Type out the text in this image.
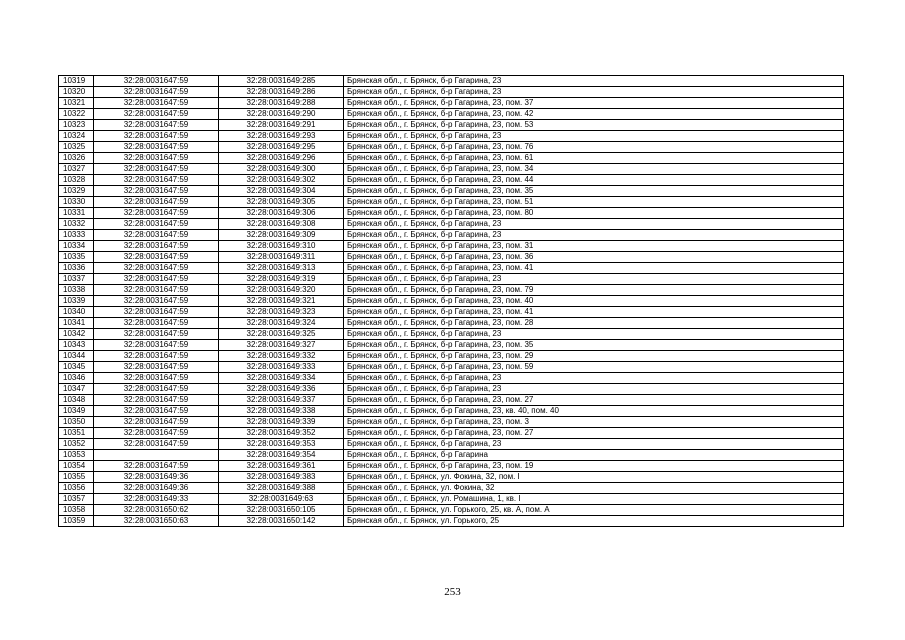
10319	32:28:0031647:59	32:28:0031649:285	Брянская обл., г. Брянск, б-р Гагарина, 23
10320	32:28:0031647:59	32:28:0031649:286	Брянская обл., г. Брянск, б-р Гагарина, 23
10321	32:28:0031647:59	32:28:0031649:288	Брянская обл., г. Брянск, б-р Гагарина, 23, пом. 37
10322	32:28:0031647:59	32:28:0031649:290	Брянская обл., г. Брянск, б-р Гагарина, 23, пом. 42
10323	32:28:0031647:59	32:28:0031649:291	Брянская обл., г. Брянск, б-р Гагарина, 23, пом. 53
10324	32:28:0031647:59	32:28:0031649:293	Брянская обл., г. Брянск, б-р Гагарина, 23
10325	32:28:0031647:59	32:28:0031649:295	Брянская обл., г. Брянск, б-р Гагарина, 23, пом. 76
10326	32:28:0031647:59	32:28:0031649:296	Брянская обл., г. Брянск, б-р Гагарина, 23, пом. 61
10327	32:28:0031647:59	32:28:0031649:300	Брянская обл., г. Брянск, б-р Гагарина, 23, пом. 34
10328	32:28:0031647:59	32:28:0031649:302	Брянская обл., г. Брянск, б-р Гагарина, 23, пом. 44
10329	32:28:0031647:59	32:28:0031649:304	Брянская обл., г. Брянск, б-р Гагарина, 23, пом. 35
10330	32:28:0031647:59	32:28:0031649:305	Брянская обл., г. Брянск, б-р Гагарина, 23, пом. 51
10331	32:28:0031647:59	32:28:0031649:306	Брянская обл., г. Брянск, б-р Гагарина, 23, пом. 80
10332	32:28:0031647:59	32:28:0031649:308	Брянская обл., г. Брянск, б-р Гагарина, 23
10333	32:28:0031647:59	32:28:0031649:309	Брянская обл., г. Брянск, б-р Гагарина, 23
10334	32:28:0031647:59	32:28:0031649:310	Брянская обл., г. Брянск, б-р Гагарина, 23, пом. 31
10335	32:28:0031647:59	32:28:0031649:311	Брянская обл., г. Брянск, б-р Гагарина, 23, пом. 36
10336	32:28:0031647:59	32:28:0031649:313	Брянская обл., г. Брянск, б-р Гагарина, 23, пом. 41
10337	32:28:0031647:59	32:28:0031649:319	Брянская обл., г. Брянск, б-р Гагарина, 23
10338	32:28:0031647:59	32:28:0031649:320	Брянская обл., г. Брянск, б-р Гагарина, 23, пом. 79
10339	32:28:0031647:59	32:28:0031649:321	Брянская обл., г. Брянск, б-р Гагарина, 23, пом. 40
10340	32:28:0031647:59	32:28:0031649:323	Брянская обл., г. Брянск, б-р Гагарина, 23, пом. 41
10341	32:28:0031647:59	32:28:0031649:324	Брянская обл., г. Брянск, б-р Гагарина, 23, пом. 28
10342	32:28:0031647:59	32:28:0031649:325	Брянская обл., г. Брянск, б-р Гагарина, 23
10343	32:28:0031647:59	32:28:0031649:327	Брянская обл., г. Брянск, б-р Гагарина, 23, пом. 35
10344	32:28:0031647:59	32:28:0031649:332	Брянская обл., г. Брянск, б-р Гагарина, 23, пом. 29
10345	32:28:0031647:59	32:28:0031649:333	Брянская обл., г. Брянск, б-р Гагарина, 23, пом. 59
10346	32:28:0031647:59	32:28:0031649:334	Брянская обл., г. Брянск, б-р Гагарина, 23
10347	32:28:0031647:59	32:28:0031649:336	Брянская обл., г. Брянск, б-р Гагарина, 23
10348	32:28:0031647:59	32:28:0031649:337	Брянская обл., г. Брянск, б-р Гагарина, 23, пом. 27
10349	32:28:0031647:59	32:28:0031649:338	Брянская обл., г. Брянск, б-р Гагарина, 23, кв. 40, пом. 40
10350	32:28:0031647:59	32:28:0031649:339	Брянская обл., г. Брянск, б-р Гагарина, 23, пом. 3
10351	32:28:0031647:59	32:28:0031649:352	Брянская обл., г. Брянск, б-р Гагарина, 23, пом. 27
10352	32:28:0031647:59	32:28:0031649:353	Брянская обл., г. Брянск, б-р Гагарина, 23
10353		32:28:0031649:354	Брянская обл., г. Брянск, б-р Гагарина
10354	32:28:0031647:59	32:28:0031649:361	Брянская обл., г. Брянск, б-р Гагарина, 23, пом. 19
10355	32:28:0031649:36	32:28:0031649:383	Брянская обл., г. Брянск, ул. Фокина, 32, пом. I
10356	32:28:0031649:36	32:28:0031649:388	Брянская обл., г. Брянск, ул. Фокина, 32
10357	32:28:0031649:33	32:28:0031649:63	Брянская обл., г. Брянск, ул. Ромашина, 1, кв. I
10358	32:28:0031650:62	32:28:0031650:105	Брянская обл., г. Брянск, ул. Горького, 25, кв. А, пом. А
10359	32:28:0031650:63	32:28:0031650:142	Брянская обл., г. Брянск, ул. Горького, 25
253
